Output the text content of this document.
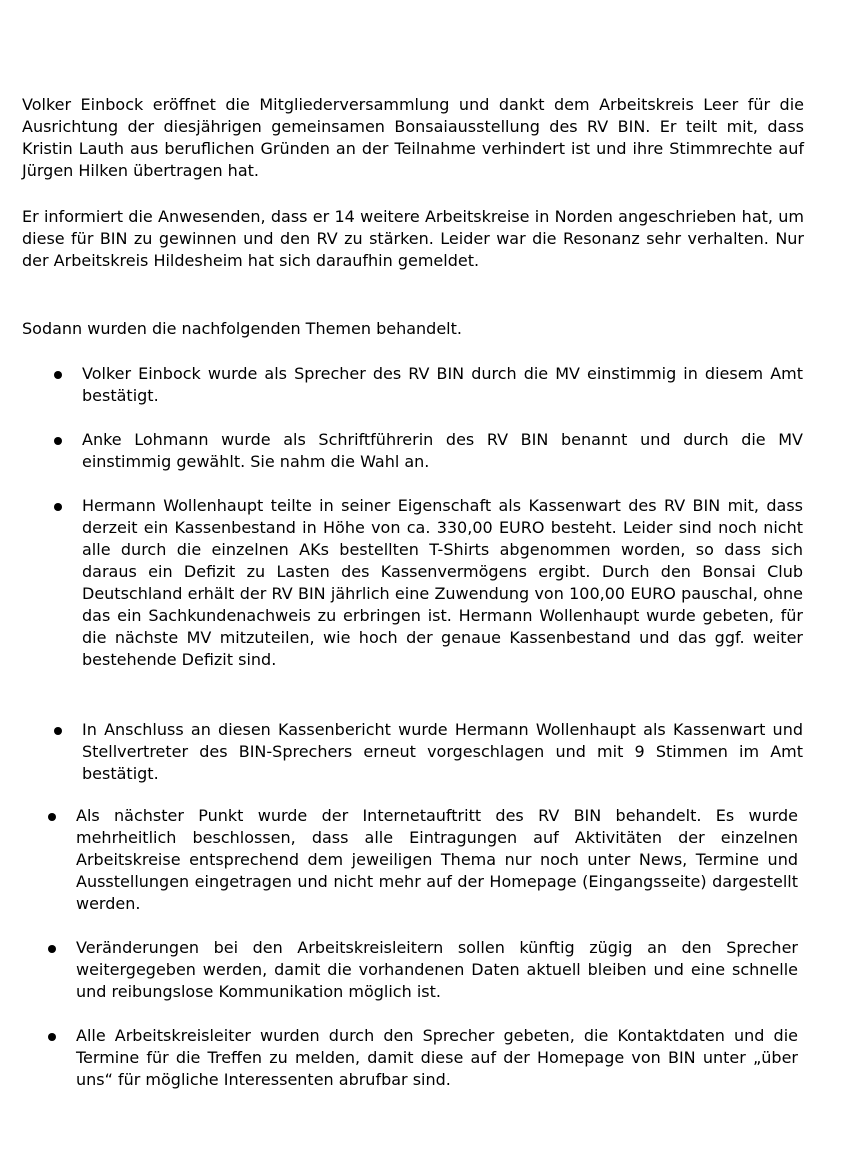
Volker Einbock eröffnet die Mitgliederversammlung und dankt dem Arbeitskreis Leer für die Ausrichtung der diesjährigen gemeinsamen Bonsaiausstellung des RV BIN. Er teilt mit, dass Kristin Lauth aus beruflichen Gründen an der Teilnahme verhindert ist und ihre Stimmrechte auf Jürgen Hilken übertragen hat.

Er informiert die Anwesenden, dass er 14 weitere Arbeitskreise in Norden angeschrieben hat, um diese für BIN zu gewinnen und den RV zu stärken. Leider war die Resonanz sehr verhalten. Nur der Arbeitskreis Hildesheim hat sich daraufhin gemeldet.

Sodann wurden die nachfolgenden Themen behandelt.

Volker Einbock wurde als Sprecher des RV BIN durch die MV einstimmig in diesem Amt bestätigt.

Anke Lohmann wurde als Schriftführerin des RV BIN benannt und durch die MV einstimmig gewählt. Sie nahm die Wahl an.

Hermann Wollenhaupt teilte in seiner Eigenschaft als Kassenwart des RV BIN mit, dass derzeit ein Kassenbestand in Höhe von ca. 330,00 EURO besteht. Leider sind noch nicht alle durch die einzelnen AKs bestellten T-Shirts abgenommen worden, so dass sich daraus ein Defizit zu Lasten des Kassenvermögens ergibt. Durch den Bonsai Club Deutschland erhält der RV BIN jährlich eine Zuwendung von 100,00 EURO pauschal, ohne das ein Sachkundenachweis zu erbringen ist. Hermann Wollenhaupt wurde gebeten, für die nächste MV mitzuteilen, wie hoch der genaue Kassenbestand und das ggf. weiter bestehende Defizit sind.

In Anschluss an diesen Kassenbericht wurde Hermann Wollenhaupt als Kassenwart und Stellvertreter des BIN-Sprechers erneut vorgeschlagen und mit 9 Stimmen im Amt bestätigt.

Als nächster Punkt wurde der Internetauftritt des RV BIN behandelt. Es wurde mehrheitlich beschlossen, dass alle Eintragungen auf Aktivitäten der einzelnen Arbeitskreise entsprechend dem jeweiligen Thema nur noch unter News, Termine und Ausstellungen eingetragen und nicht mehr auf der Homepage (Eingangsseite) dargestellt werden.

Veränderungen bei den Arbeitskreisleitern sollen künftig zügig an den Sprecher weitergegeben werden, damit die vorhandenen Daten aktuell bleiben und eine schnelle und reibungslose Kommunikation möglich ist.

Alle Arbeitskreisleiter wurden durch den Sprecher gebeten, die Kontaktdaten und die Termine für die Treffen zu melden, damit diese auf der Homepage von BIN unter „über uns“ für mögliche Interessenten abrufbar sind.
